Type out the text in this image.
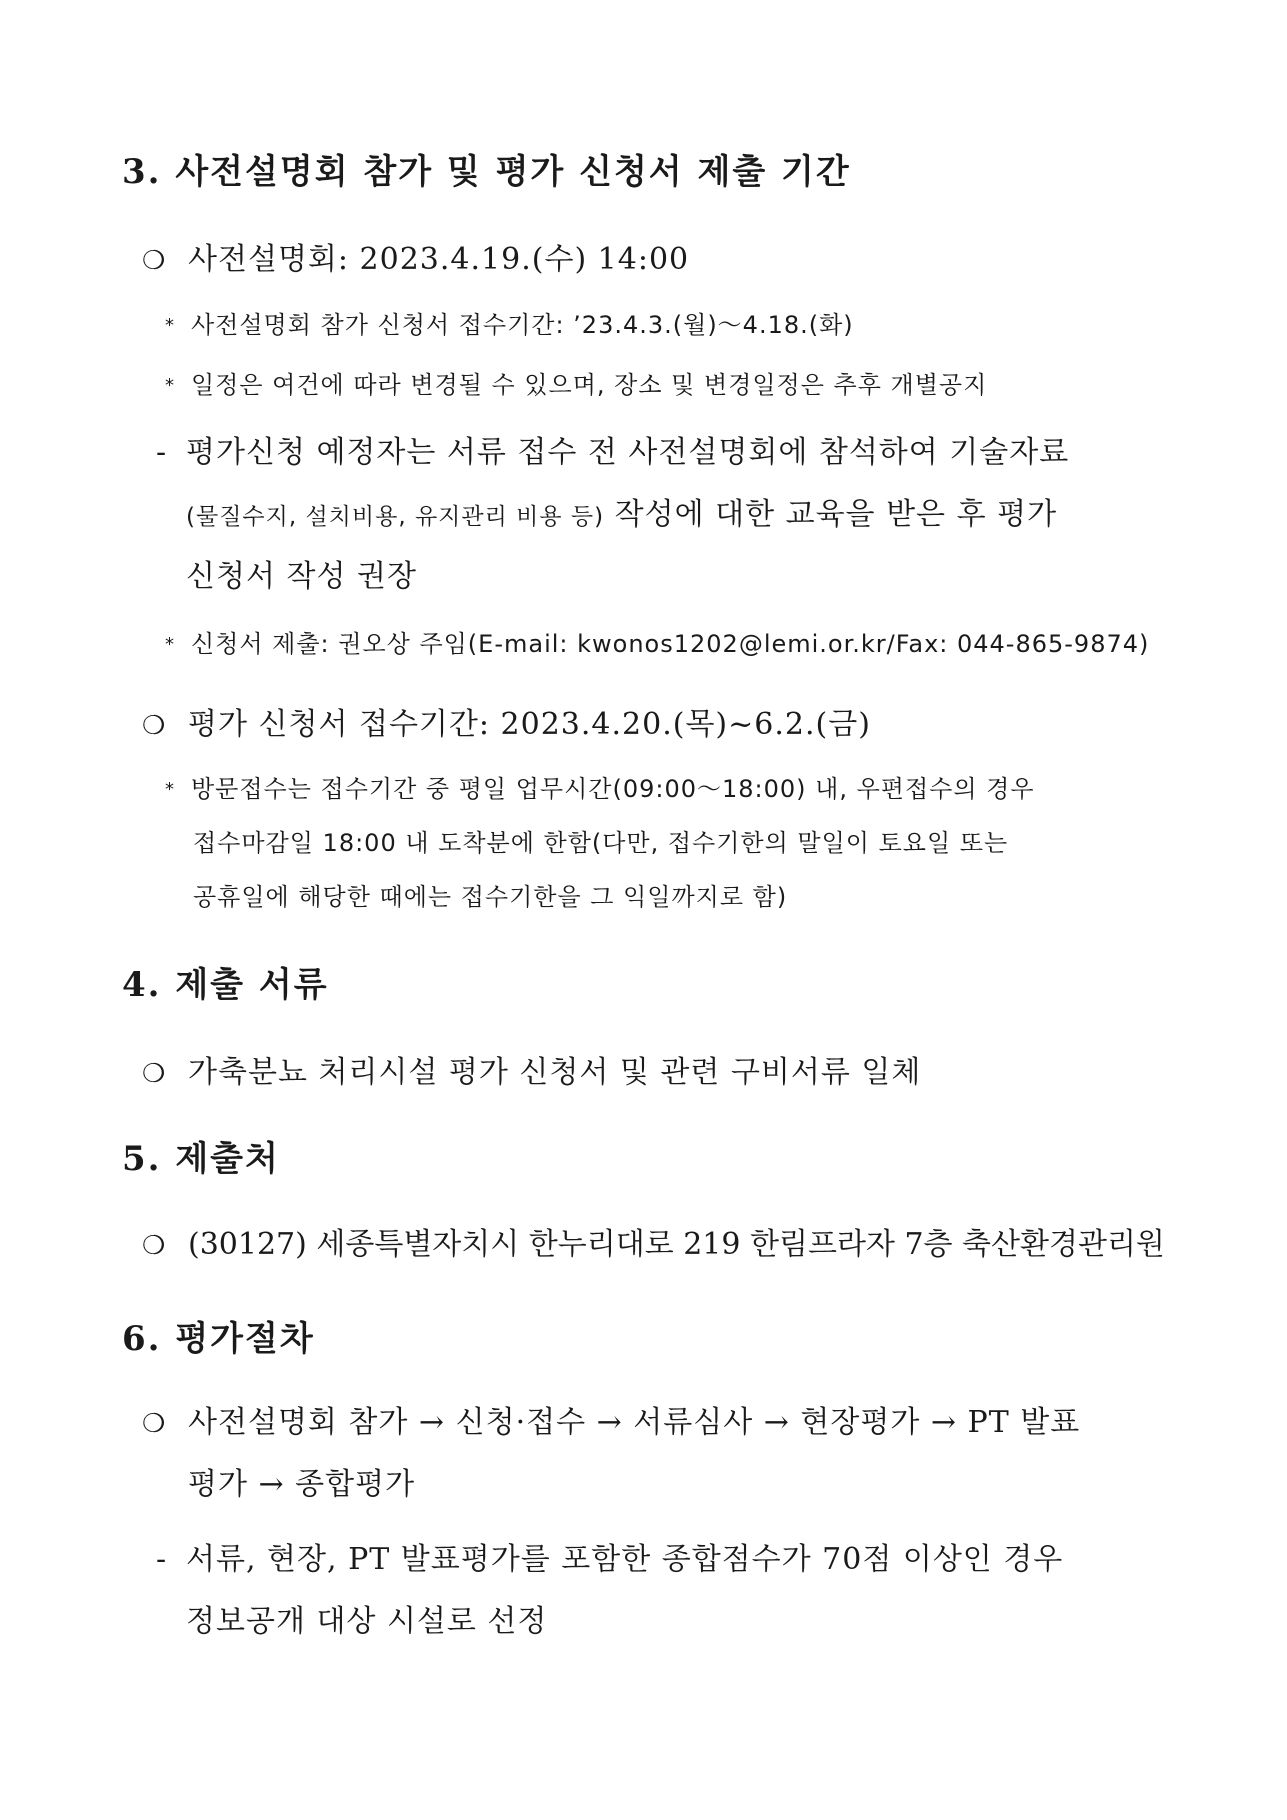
3. 사전설명회 참가 및 평가 신청서 제출 기간
❍ 사전설명회: 2023.4.19.(수) 14:00
* 사전설명회 참가 신청서 접수기간: ’23.4.3.(월)～4.18.(화)
* 일정은 여건에 따라 변경될 수 있으며, 장소 및 변경일정은 추후 개별공지
- 평가신청 예정자는 서류 접수 전 사전설명회에 참석하여 기술자료
(물질수지, 설치비용, 유지관리 비용 등) 작성에 대한 교육을 받은 후 평가
신청서 작성 권장
* 신청서 제출: 권오상 주임(E-mail: kwonos1202@lemi.or.kr/Fax: 044-865-9874)
❍ 평가 신청서 접수기간: 2023.4.20.(목)~6.2.(금)
* 방문접수는 접수기간 중 평일 업무시간(09:00～18:00) 내, 우편접수의 경우
접수마감일 18:00 내 도착분에 한함(다만, 접수기한의 말일이 토요일 또는
공휴일에 해당한 때에는 접수기한을 그 익일까지로 함)
4. 제출 서류
❍ 가축분뇨 처리시설 평가 신청서 및 관련 구비서류 일체
5. 제출처
❍ (30127) 세종특별자치시 한누리대로 219 한림프라자 7층 축산환경관리원
6. 평가절차
❍ 사전설명회 참가 → 신청·접수 → 서류심사 → 현장평가 → PT 발표
평가 → 종합평가
- 서류, 현장, PT 발표평가를 포함한 종합점수가 70점 이상인 경우
정보공개 대상 시설로 선정
